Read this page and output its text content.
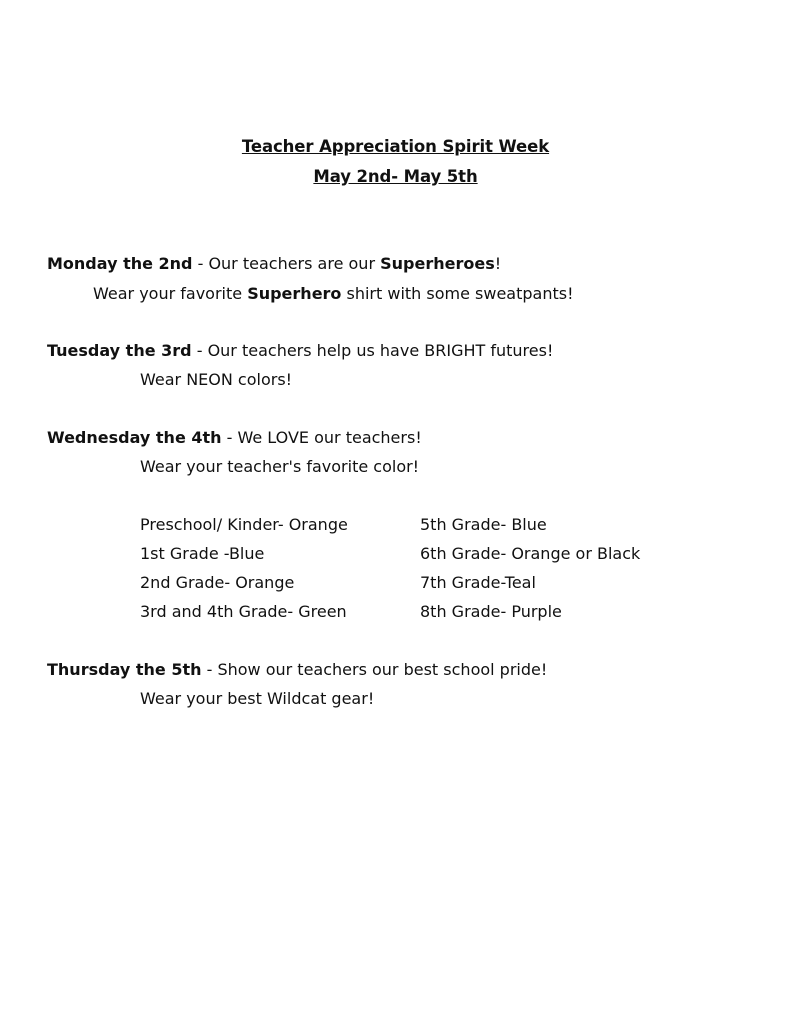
Teacher Appreciation Spirit Week
May 2nd- May 5th
Monday the 2nd - Our teachers are our Superheroes!
Wear your favorite Superhero shirt with some sweatpants!
Tuesday the 3rd - Our teachers help us have BRIGHT futures!
Wear NEON colors!
Wednesday the 4th - We LOVE our teachers!
Wear your teacher's favorite color!
Preschool/ Kinder- Orange
1st Grade -Blue
2nd Grade- Orange
3rd and 4th Grade- Green
5th Grade- Blue
6th Grade- Orange or Black
7th Grade-Teal
8th Grade- Purple
Thursday the 5th - Show our teachers our best school pride!
Wear your best Wildcat gear!
